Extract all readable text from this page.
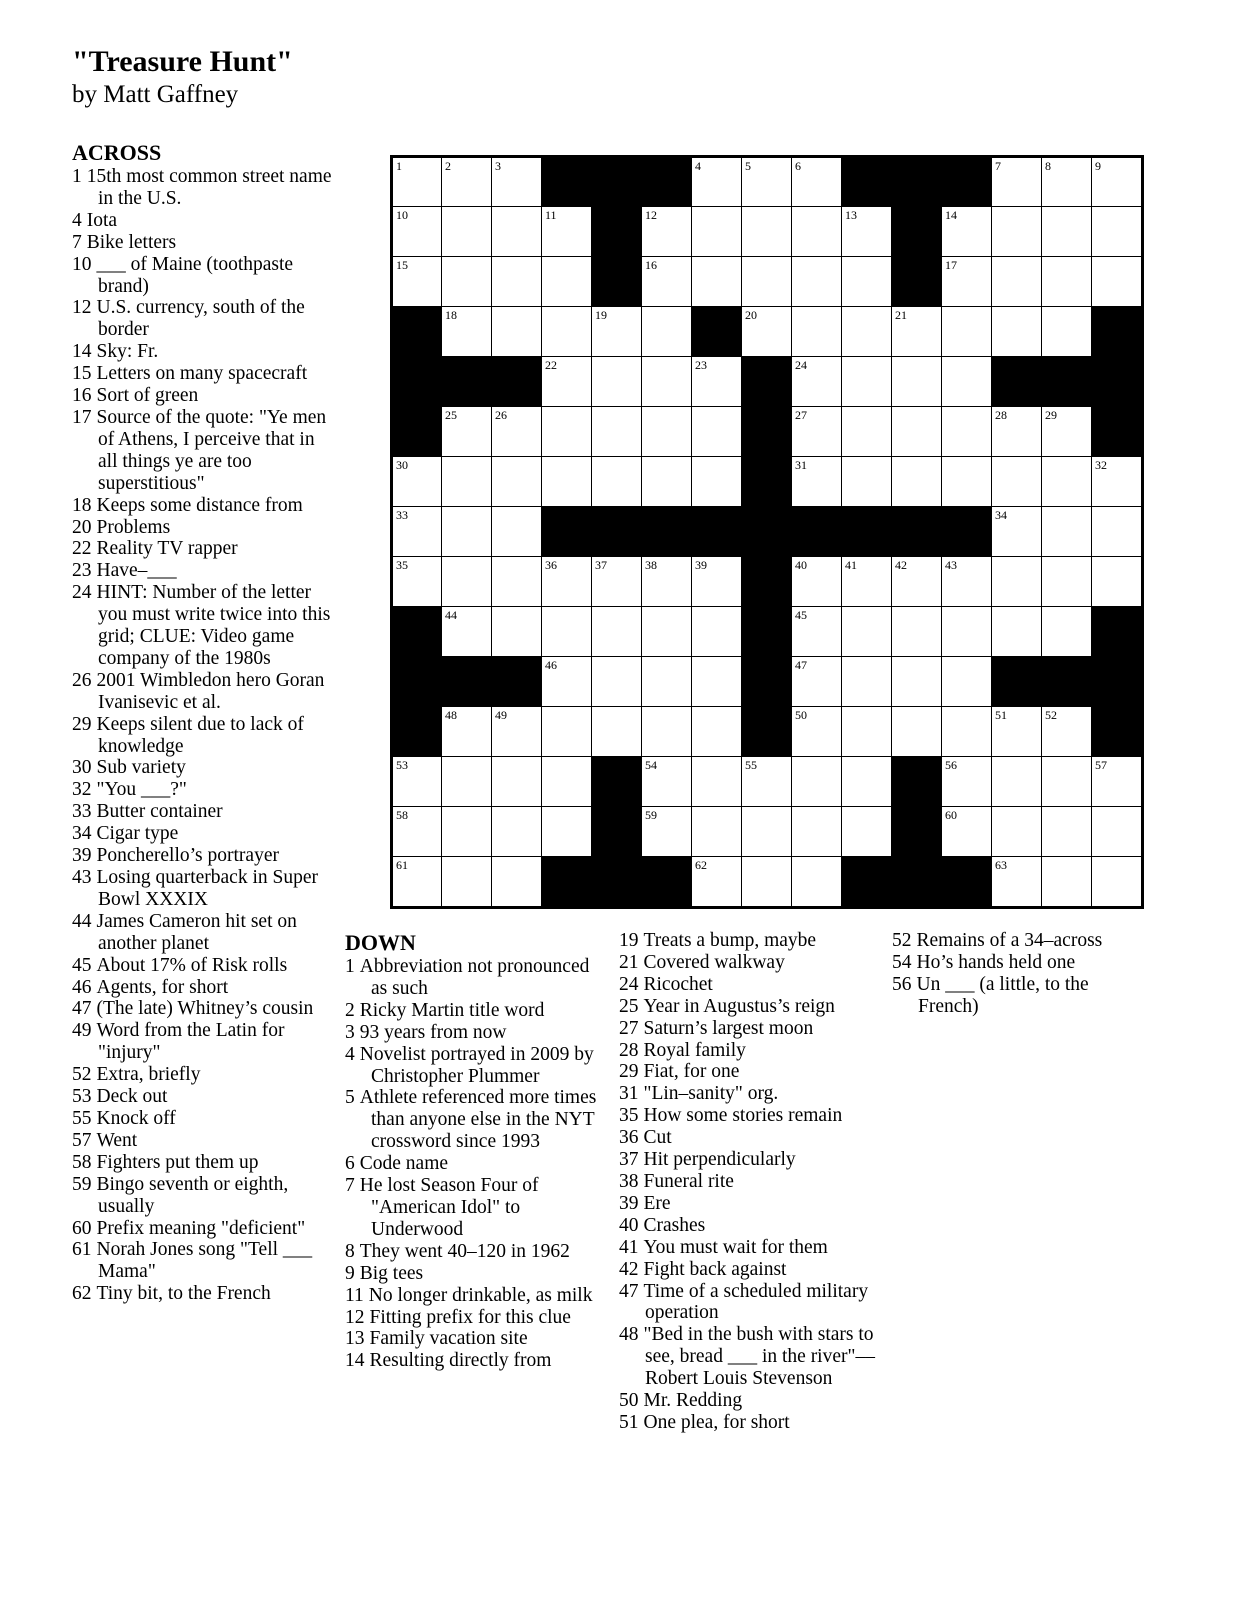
"Treasure Hunt"
by Matt Gaffney
ACROSS
1 15th most common street name in the U.S.
4 Iota
7 Bike letters
10 ___ of Maine (toothpaste brand)
12 U.S. currency, south of the border
14 Sky: Fr.
15 Letters on many spacecraft
16 Sort of green
17 Source of the quote: "Ye men of Athens, I perceive that in all things ye are too superstitious"
18 Keeps some distance from
20 Problems
22 Reality TV rapper
23 Have–___
24 HINT: Number of the letter you must write twice into this grid; CLUE: Video game company of the 1980s
26 2001 Wimbledon hero Goran Ivanisevic et al.
29 Keeps silent due to lack of knowledge
30 Sub variety
32 "You ___?"
33 Butter container
34 Cigar type
39 Poncherello’s portrayer
43 Losing quarterback in Super Bowl XXXIX
44 James Cameron hit set on another planet
45 About 17% of Risk rolls
46 Agents, for short
47 (The late) Whitney’s cousin
49 Word from the Latin for "injury"
52 Extra, briefly
53 Deck out
55 Knock off
57 Went
58 Fighters put them up
59 Bingo seventh or eighth, usually
60 Prefix meaning "deficient"
61 Norah Jones song "Tell ___ Mama"
62 Tiny bit, to the French
DOWN
1 Abbreviation not pronounced as such
2 Ricky Martin title word
3 93 years from now
4 Novelist portrayed in 2009 by Christopher Plummer
5 Athlete referenced more times than anyone else in the NYT crossword since 1993
6 Code name
7 He lost Season Four of "American Idol" to Underwood
8 They went 40–120 in 1962
9 Big tees
11 No longer drinkable, as milk
12 Fitting prefix for this clue
13 Family vacation site
14 Resulting directly from
19 Treats a bump, maybe
21 Covered walkway
24 Ricochet
25 Year in Augustus’s reign
27 Saturn’s largest moon
28 Royal family
29 Fiat, for one
31 "Lin–sanity" org.
35 How some stories remain
36 Cut
37 Hit perpendicularly
38 Funeral rite
39 Ere
40 Crashes
41 You must wait for them
42 Fight back against
47 Time of a scheduled military operation
48 "Bed in the bush with stars to see, bread ___ in the river"––Robert Louis Stevenson
50 Mr. Redding
51 One plea, for short
52 Remains of a 34–across
54 Ho’s hands held one
56 Un ___ (a little, to the French)
1	2	3	4	5	6	7	8	9
10	11	12	13	14
15	16	17
18	19	20	21
22	23	24
25	26	27	28	29
30	31	32
33	34
35	36	37	38	39	40	41	42	43
44	45
46	47
48	49	50	51	52
53	54	55	56	57
58	59	60
61	62	63
